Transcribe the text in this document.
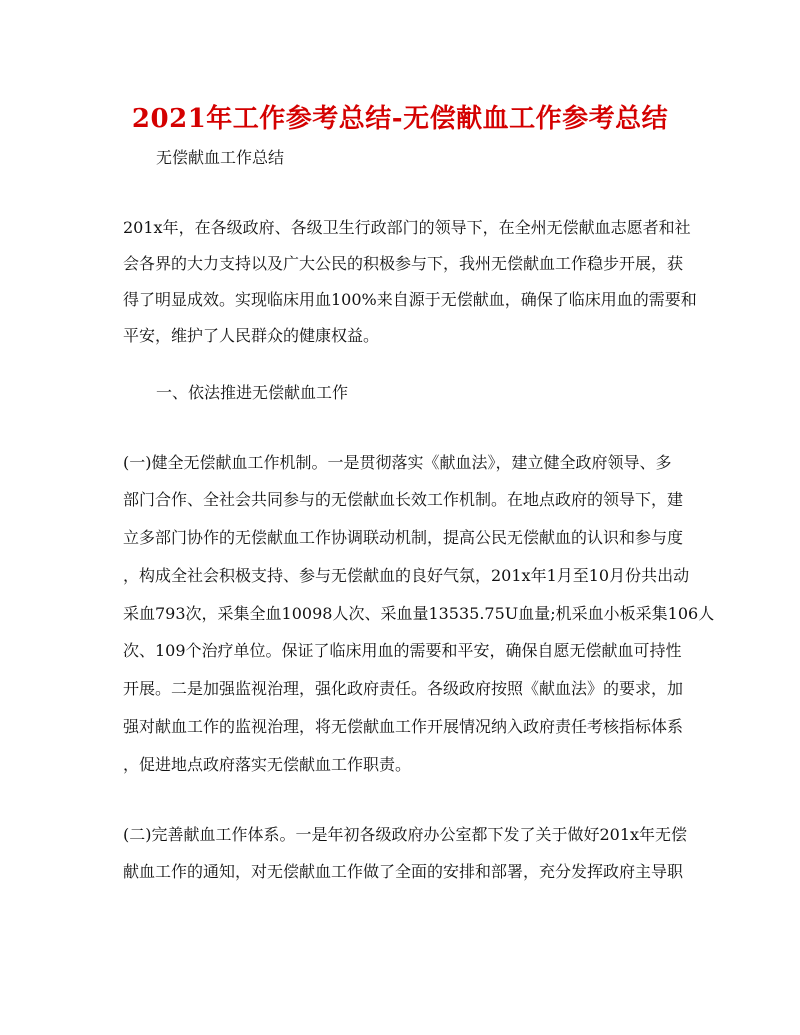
2021年工作参考总结-无偿献血工作参考总结
无偿献血工作总结
201x年，在各级政府、各级卫生行政部门的领导下，在全州无偿献血志愿者和社
会各界的大力支持以及广大公民的积极参与下，我州无偿献血工作稳步开展，获
得了明显成效。实现临床用血100%来自源于无偿献血，确保了临床用血的需要和
平安，维护了人民群众的健康权益。
一、依法推进无偿献血工作
(一)健全无偿献血工作机制。一是贯彻落实《献血法》，建立健全政府领导、多
部门合作、全社会共同参与的无偿献血长效工作机制。在地点政府的领导下，建
立多部门协作的无偿献血工作协调联动机制，提高公民无偿献血的认识和参与度
，构成全社会积极支持、参与无偿献血的良好气氛，201x年1月至10月份共出动
采血793次，采集全血10098人次、采血量13535.75U血量;机采血小板采集106人
次、109个治疗单位。保证了临床用血的需要和平安，确保自愿无偿献血可持性
开展。二是加强监视治理，强化政府责任。各级政府按照《献血法》的要求，加
强对献血工作的监视治理，将无偿献血工作开展情况纳入政府责任考核指标体系
，促进地点政府落实无偿献血工作职责。
(二)完善献血工作体系。一是年初各级政府办公室都下发了关于做好201x年无偿
献血工作的通知，对无偿献血工作做了全面的安排和部署，充分发挥政府主导职
